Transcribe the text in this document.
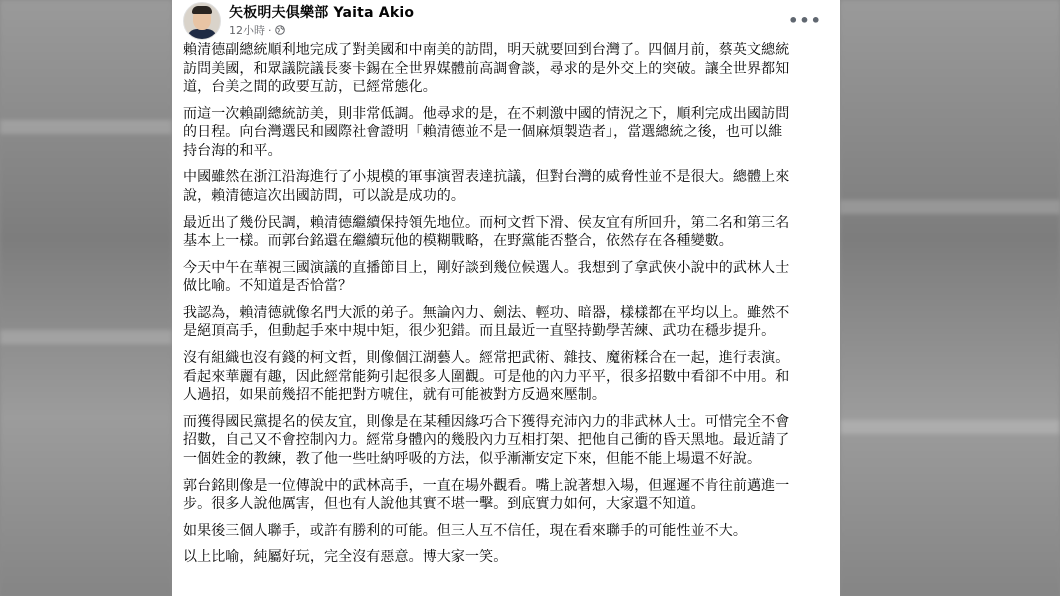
矢板明夫俱樂部 Yaita Akio
12小時 ·
•••
賴清德副總統順利地完成了對美國和中南美的訪問，明天就要回到台灣了。四個月前，蔡英文總統
訪問美國，和眾議院議長麥卡錫在全世界媒體前高調會談，尋求的是外交上的突破。讓全世界都知
道，台美之間的政要互訪，已經常態化。
而這一次賴副總統訪美，則非常低調。他尋求的是，在不刺激中國的情況之下，順利完成出國訪問
的日程。向台灣選民和國際社會證明「賴清德並不是一個麻煩製造者」，當選總統之後，也可以維
持台海的和平。
中國雖然在浙江沿海進行了小規模的軍事演習表達抗議，但對台灣的威脅性並不是很大。總體上來
說，賴清德這次出國訪問，可以說是成功的。
最近出了幾份民調，賴清德繼續保持領先地位。而柯文哲下滑、侯友宜有所回升，第二名和第三名
基本上一樣。而郭台銘還在繼續玩他的模糊戰略，在野黨能否整合，依然存在各種變數。
今天中午在華視三國演議的直播節目上，剛好談到幾位候選人。我想到了拿武俠小說中的武林人士
做比喻。不知道是否恰當？
我認為，賴清德就像名門大派的弟子。無論內力、劍法、輕功、暗器，樣樣都在平均以上。雖然不
是絕頂高手，但動起手來中規中矩，很少犯錯。而且最近一直堅持勤學苦練、武功在穩步提升。
沒有組織也沒有錢的柯文哲，則像個江湖藝人。經常把武術、雜技、魔術糅合在一起，進行表演。
看起來華麗有趣，因此經常能夠引起很多人圍觀。可是他的內力平平，很多招數中看卻不中用。和
人過招，如果前幾招不能把對方唬住，就有可能被對方反過來壓制。
而獲得國民黨提名的侯友宜，則像是在某種因緣巧合下獲得充沛內力的非武林人士。可惜完全不會
招數，自己又不會控制內力。經常身體內的幾股內力互相打架、把他自己衝的昏天黑地。最近請了
一個姓金的教練，教了他一些吐納呼吸的方法，似乎漸漸安定下來，但能不能上場還不好說。
郭台銘則像是一位傳說中的武林高手，一直在場外觀看。嘴上說著想入場，但遲遲不肯往前邁進一
步。很多人說他厲害，但也有人說他其實不堪一擊。到底實力如何，大家還不知道。
如果後三個人聯手，或許有勝利的可能。但三人互不信任，現在看來聯手的可能性並不大。
以上比喻，純屬好玩，完全沒有惡意。博大家一笑。
